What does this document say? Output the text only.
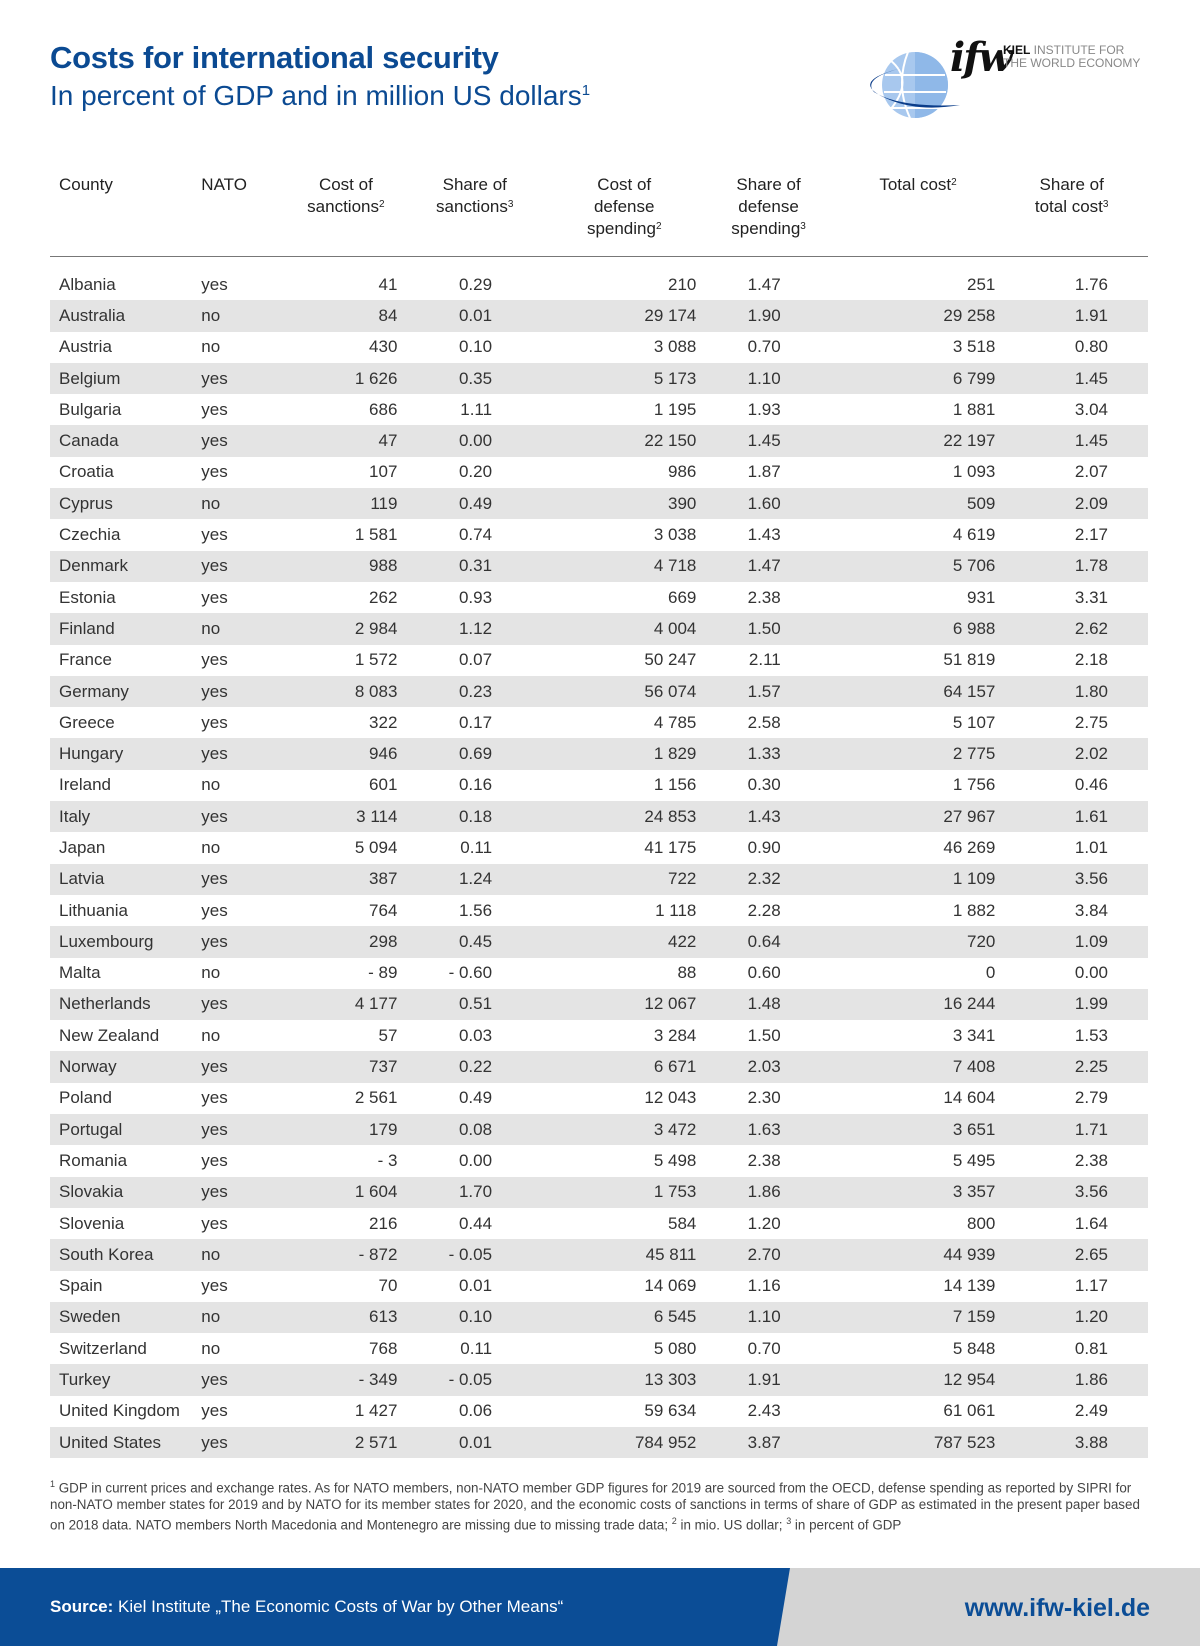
Costs for international security
In percent of GDP and in million US dollars$^1$
ifw
KIEL INSTITUTE FOR
THE WORLD ECONOMY
County	NATO	Cost of
sanctions$^2$	Share of
sanctions$^3$	Cost of
defense
spending$^2$	Share of
defense
spending$^3$	Total cost$^2$	Share of
total cost$^3$

Albania	yes	41	0.29	210	1.47	251	1.76
Australia	no	84	0.01	29 174	1.90	29 258	1.91
Austria	no	430	0.10	3 088	0.70	3 518	0.80
Belgium	yes	1 626	0.35	5 173	1.10	6 799	1.45
Bulgaria	yes	686	1.11	1 195	1.93	1 881	3.04
Canada	yes	47	0.00	22 150	1.45	22 197	1.45
Croatia	yes	107	0.20	986	1.87	1 093	2.07
Cyprus	no	119	0.49	390	1.60	509	2.09
Czechia	yes	1 581	0.74	3 038	1.43	4 619	2.17
Denmark	yes	988	0.31	4 718	1.47	5 706	1.78
Estonia	yes	262	0.93	669	2.38	931	3.31
Finland	no	2 984	1.12	4 004	1.50	6 988	2.62
France	yes	1 572	0.07	50 247	2.11	51 819	2.18
Germany	yes	8 083	0.23	56 074	1.57	64 157	1.80
Greece	yes	322	0.17	4 785	2.58	5 107	2.75
Hungary	yes	946	0.69	1 829	1.33	2 775	2.02
Ireland	no	601	0.16	1 156	0.30	1 756	0.46
Italy	yes	3 114	0.18	24 853	1.43	27 967	1.61
Japan	no	5 094	0.11	41 175	0.90	46 269	1.01
Latvia	yes	387	1.24	722	2.32	1 109	3.56
Lithuania	yes	764	1.56	1 118	2.28	1 882	3.84
Luxembourg	yes	298	0.45	422	0.64	720	1.09
Malta	no	- 89	- 0.60	88	0.60	0	0.00
Netherlands	yes	4 177	0.51	12 067	1.48	16 244	1.99
New Zealand	no	57	0.03	3 284	1.50	3 341	1.53
Norway	yes	737	0.22	6 671	2.03	7 408	2.25
Poland	yes	2 561	0.49	12 043	2.30	14 604	2.79
Portugal	yes	179	0.08	3 472	1.63	3 651	1.71
Romania	yes	- 3	0.00	5 498	2.38	5 495	2.38
Slovakia	yes	1 604	1.70	1 753	1.86	3 357	3.56
Slovenia	yes	216	0.44	584	1.20	800	1.64
South Korea	no	- 872	- 0.05	45 811	2.70	44 939	2.65
Spain	yes	70	0.01	14 069	1.16	14 139	1.17
Sweden	no	613	0.10	6 545	1.10	7 159	1.20
Switzerland	no	768	0.11	5 080	0.70	5 848	0.81
Turkey	yes	- 349	- 0.05	13 303	1.91	12 954	1.86
United Kingdom	yes	1 427	0.06	59 634	2.43	61 061	2.49
United States	yes	2 571	0.01	784 952	3.87	787 523	3.88
$^1$ GDP in current prices and exchange rates. As for NATO members, non-NATO member GDP figures for 2019 are sourced from the OECD, defense spending as reported by SIPRI for non-NATO member states for 2019 and by NATO for its member states for 2020, and the economic costs of sanctions in terms of share of GDP as estimated in the present paper based on 2018 data. NATO members North Macedonia and Montenegro are missing due to missing trade data; $^2$ in mio. US dollar; $^3$ in percent of GDP
Source: Kiel Institute „The Economic Costs of War by Other Means“	www.ifw-kiel.de
